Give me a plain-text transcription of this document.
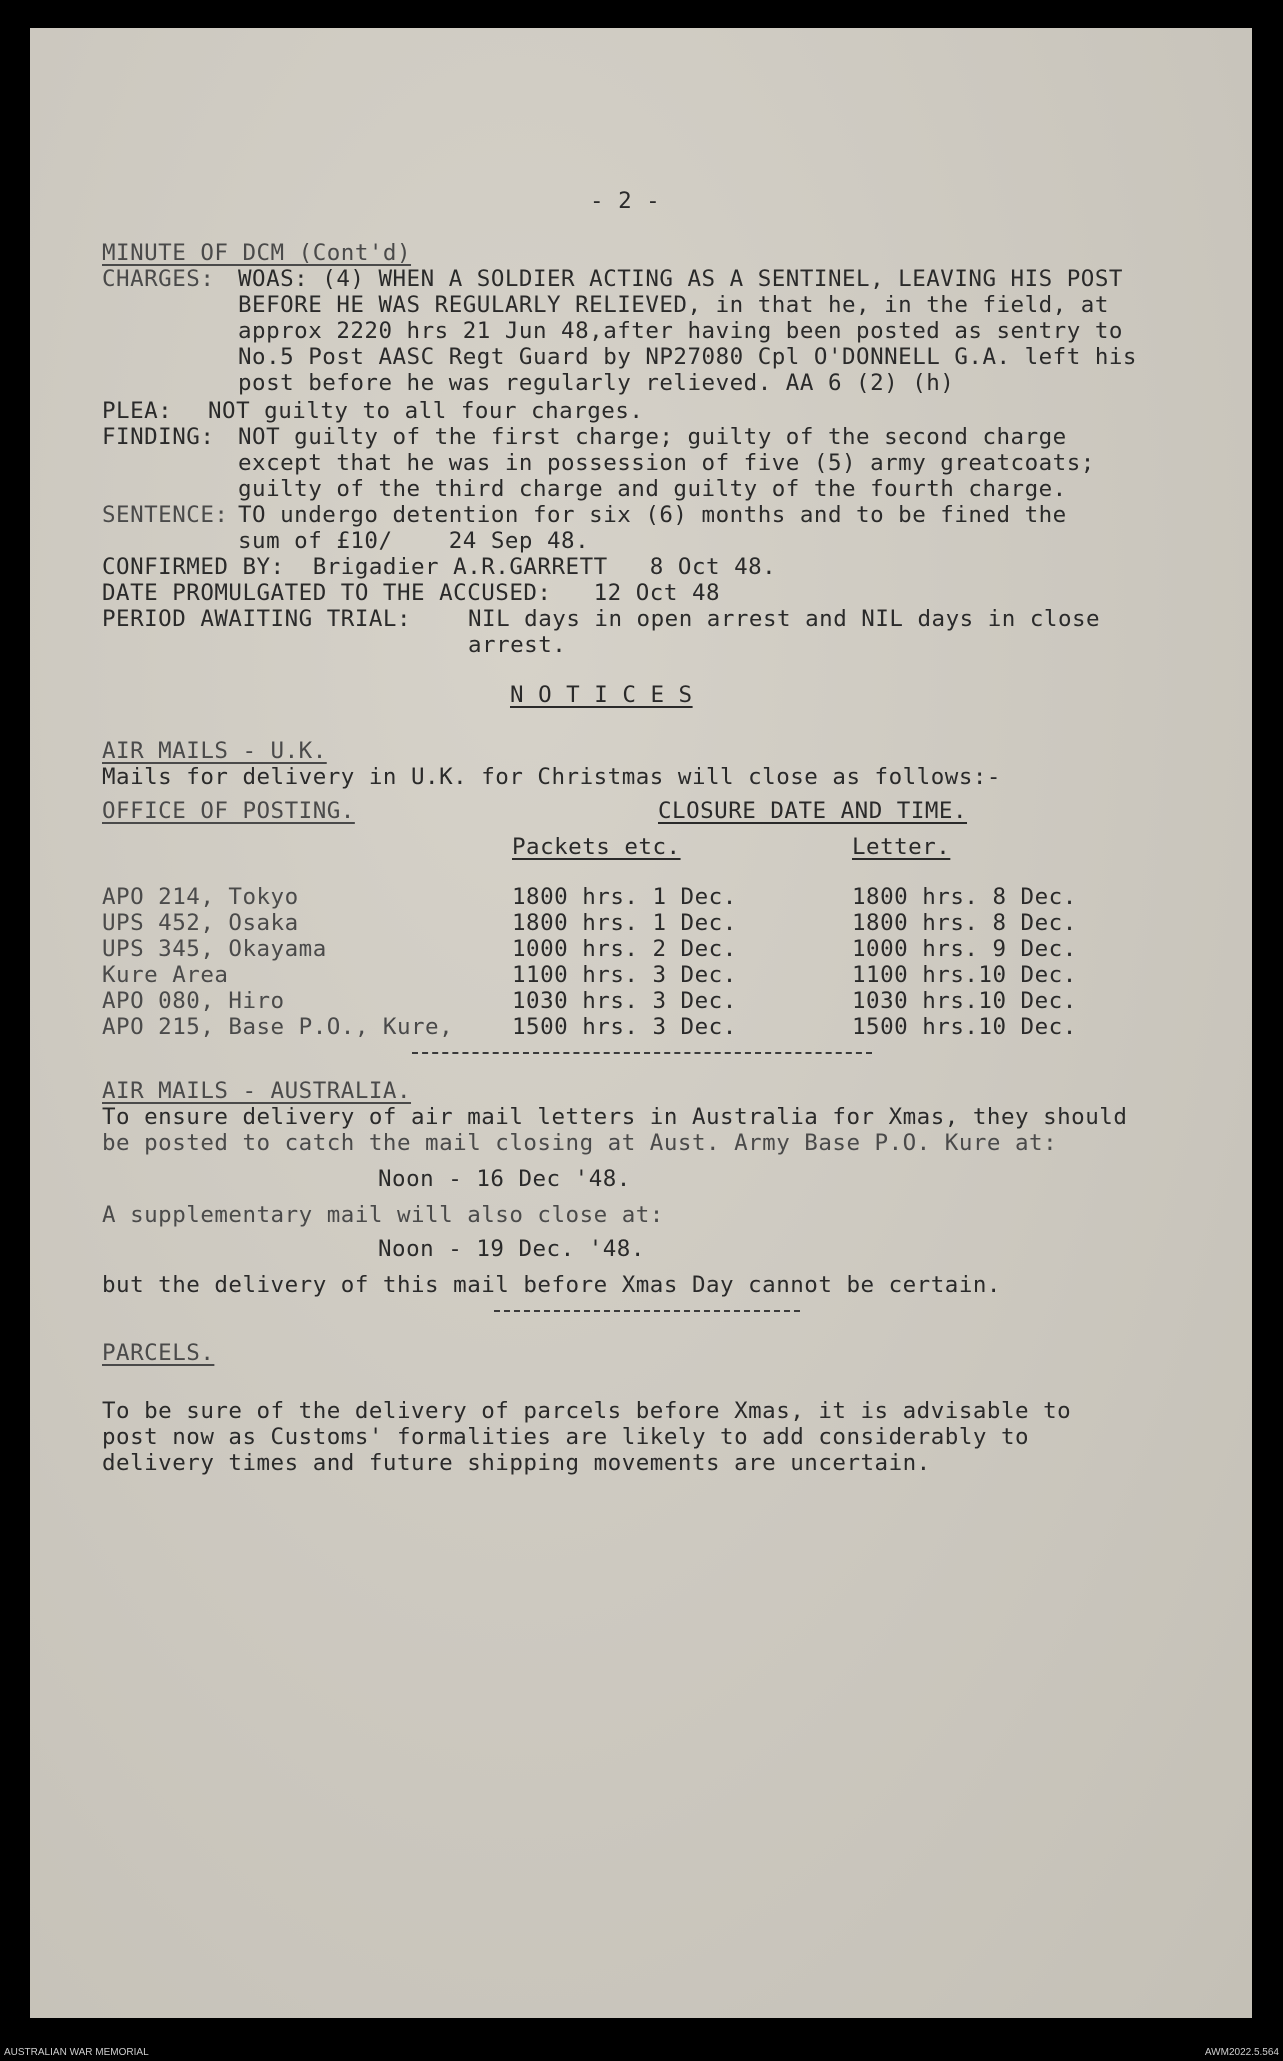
- 2 -
MINUTE OF DCM (Cont'd)
CHARGES: WOAS: (4) WHEN A SOLDIER ACTING AS A SENTINEL, LEAVING HIS POST
BEFORE HE WAS REGULARLY RELIEVED, in that he, in the field, at
approx 2220 hrs 21 Jun 48,after having been posted as sentry to
No.5 Post AASC Regt Guard by NP27080 Cpl O'DONNELL G.A. left his
post before he was regularly relieved. AA 6 (2) (h)
PLEA: NOT guilty to all four charges.
FINDING: NOT guilty of the first charge; guilty of the second charge
except that he was in possession of five (5) army greatcoats;
guilty of the third charge and guilty of the fourth charge.
SENTENCE: TO undergo detention for six (6) months and to be fined the
sum of £10/    24 Sep 48.
CONFIRMED BY:  Brigadier A.R.GARRETT   8 Oct 48.
DATE PROMULGATED TO THE ACCUSED:   12 Oct 48
PERIOD AWAITING TRIAL:	NIL days in open arrest and NIL days in close
arrest.
N O T I C E S
AIR MAILS - U.K.
Mails for delivery in U.K. for Christmas will close as follows:-
OFFICE OF POSTING.	CLOSURE DATE AND TIME.
Packets etc.	Letter.
APO 214, Tokyo	1800 hrs. 1 Dec.	1800 hrs. 8 Dec.
UPS 452, Osaka	1800 hrs. 1 Dec.	1800 hrs. 8 Dec.
UPS 345, Okayama	1000 hrs. 2 Dec.	1000 hrs. 9 Dec.
Kure Area	1100 hrs. 3 Dec.	1100 hrs.10 Dec.
APO 080, Hiro	1030 hrs. 3 Dec.	1030 hrs.10 Dec.
APO 215, Base P.O., Kure,	1500 hrs. 3 Dec.	1500 hrs.10 Dec.
AIR MAILS - AUSTRALIA.
To ensure delivery of air mail letters in Australia for Xmas, they should
be posted to catch the mail closing at Aust. Army Base P.O. Kure at:
Noon - 16 Dec '48.
A supplementary mail will also close at:
Noon - 19 Dec. '48.
but the delivery of this mail before Xmas Day cannot be certain.
PARCELS.
To be sure of the delivery of parcels before Xmas, it is advisable to
post now as Customs' formalities are likely to add considerably to
delivery times and future shipping movements are uncertain.
AUSTRALIAN WAR MEMORIAL	AWM2022.5.564
